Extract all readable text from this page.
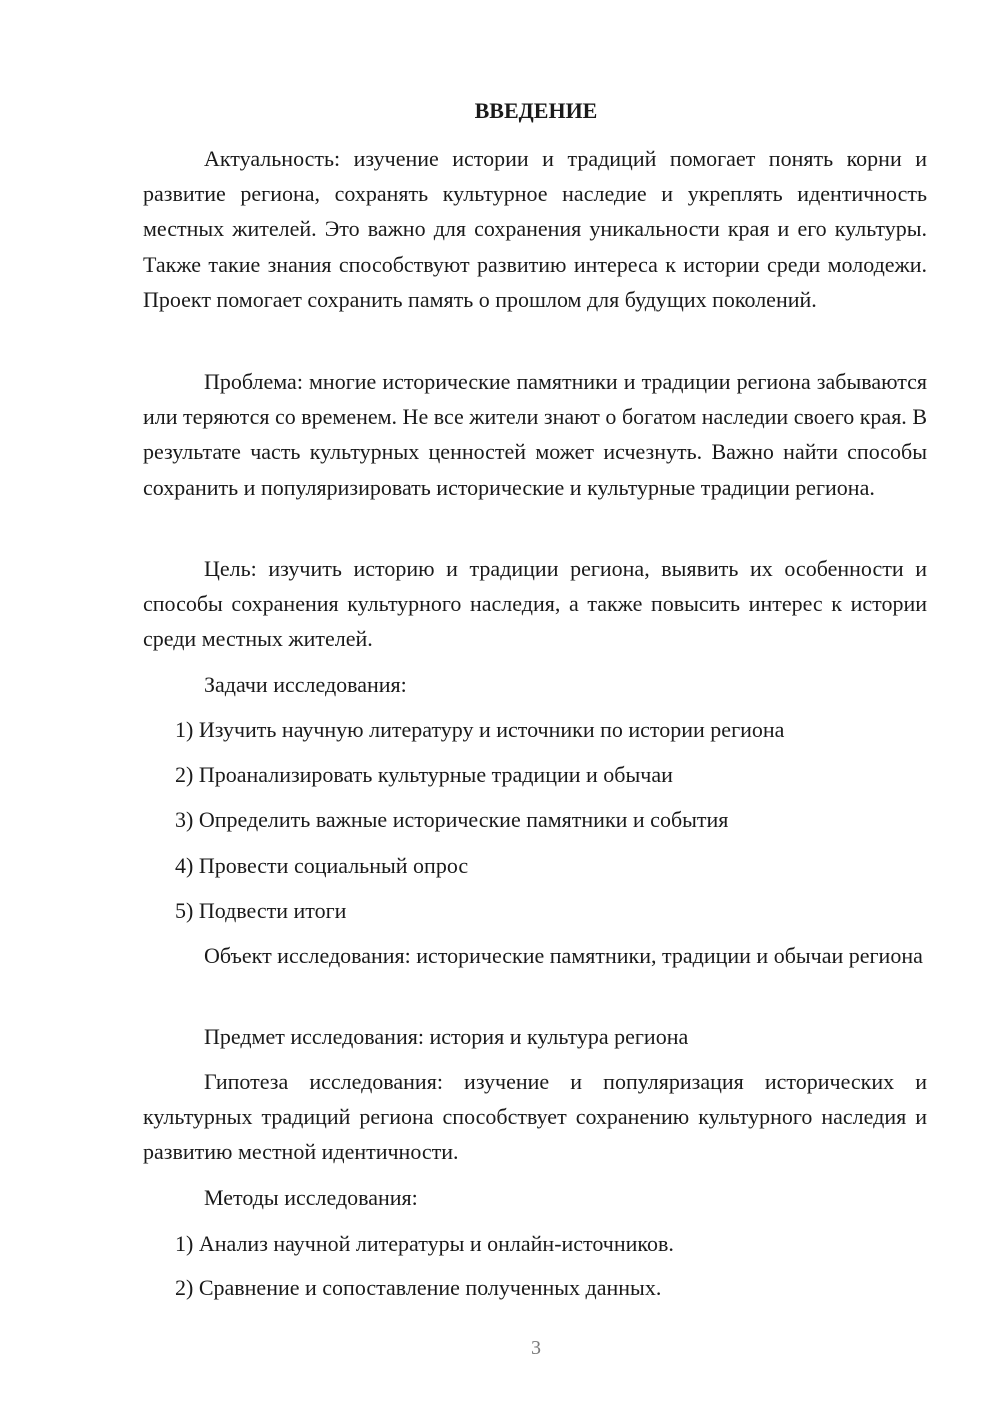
ВВЕДЕНИЕ
Актуальность: изучение истории и традиций помогает понять корни и развитие региона, сохранять культурное наследие и укреплять идентичность местных жителей. Это важно для сохранения уникальности края и его культуры. Также такие знания способствуют развитию интереса к истории среди молодежи. Проект помогает сохранить память о прошлом для будущих поколений.
Проблема: многие исторические памятники и традиции региона забываются или теряются со временем. Не все жители знают о богатом наследии своего края. В результате часть культурных ценностей может исчезнуть. Важно найти способы сохранить и популяризировать исторические и культурные традиции региона.
Цель: изучить историю и традиции региона, выявить их особенности и способы сохранения культурного наследия, а также повысить интерес к истории среди местных жителей.
Задачи исследования:
1) Изучить научную литературу и источники по истории региона
2) Проанализировать культурные традиции и обычаи
3) Определить важные исторические памятники и события
4) Провести социальный опрос
5) Подвести итоги
Объект исследования: исторические памятники, традиции и обычаи региона
Предмет исследования: история и культура региона
Гипотеза исследования: изучение и популяризация исторических и культурных традиций региона способствует сохранению культурного наследия и развитию местной идентичности.
Методы исследования:
1) Анализ научной литературы и онлайн-источников.
2) Сравнение и сопоставление полученных данных.
3
